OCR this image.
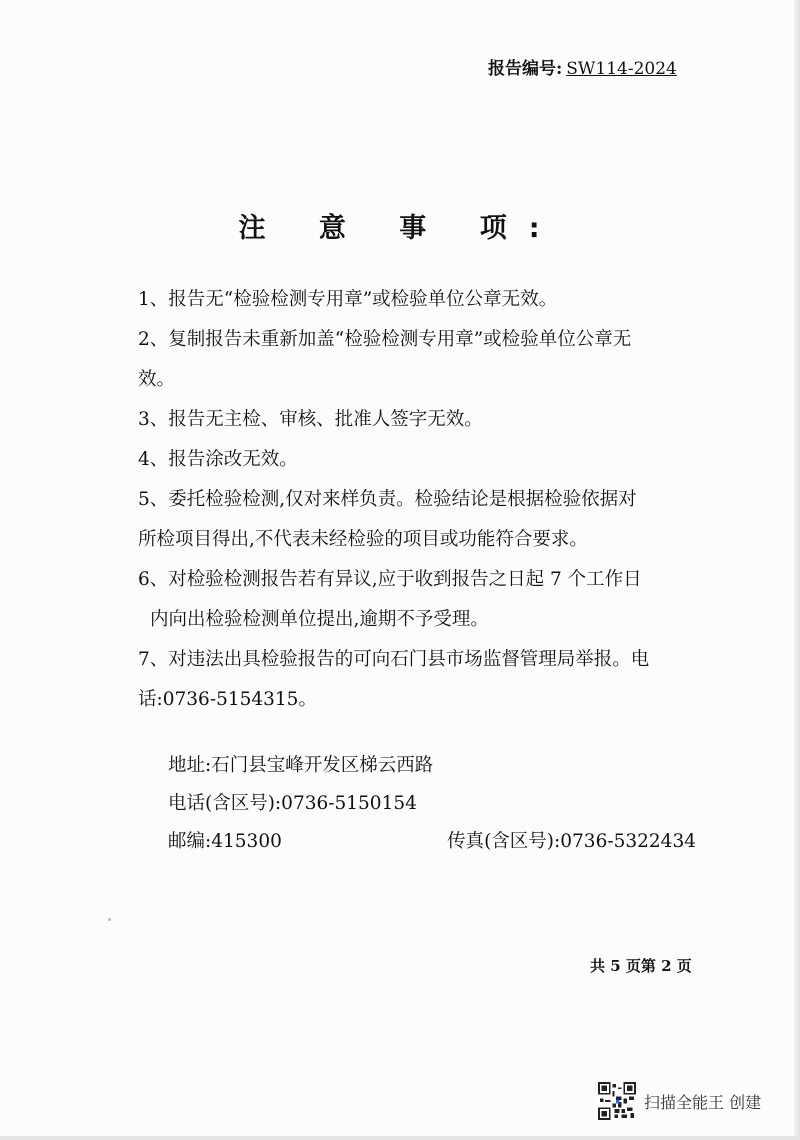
报告编号: SW114-2024
注 意 事 项:
1、报告无“检验检测专用章”或检验单位公章无效。
2、复制报告未重新加盖“检验检测专用章”或检验单位公章无
效。
3、报告无主检、审核、批准人签字无效。
4、报告涂改无效。
5、委托检验检测,仅对来样负责。检验结论是根据检验依据对
所检项目得出,不代表未经检验的项目或功能符合要求。
6、对检验检测报告若有异议,应于收到报告之日起 7 个工作日
内向出检验检测单位提出,逾期不予受理。
7、对违法出具检验报告的可向石门县市场监督管理局举报。电
话:0736-5154315。
地址:石门县宝峰开发区梯云西路
电话(含区号):0736-5150154
邮编:415300	传真(含区号):0736-5322434
共 5 页第 2 页
扫描全能王 创建
